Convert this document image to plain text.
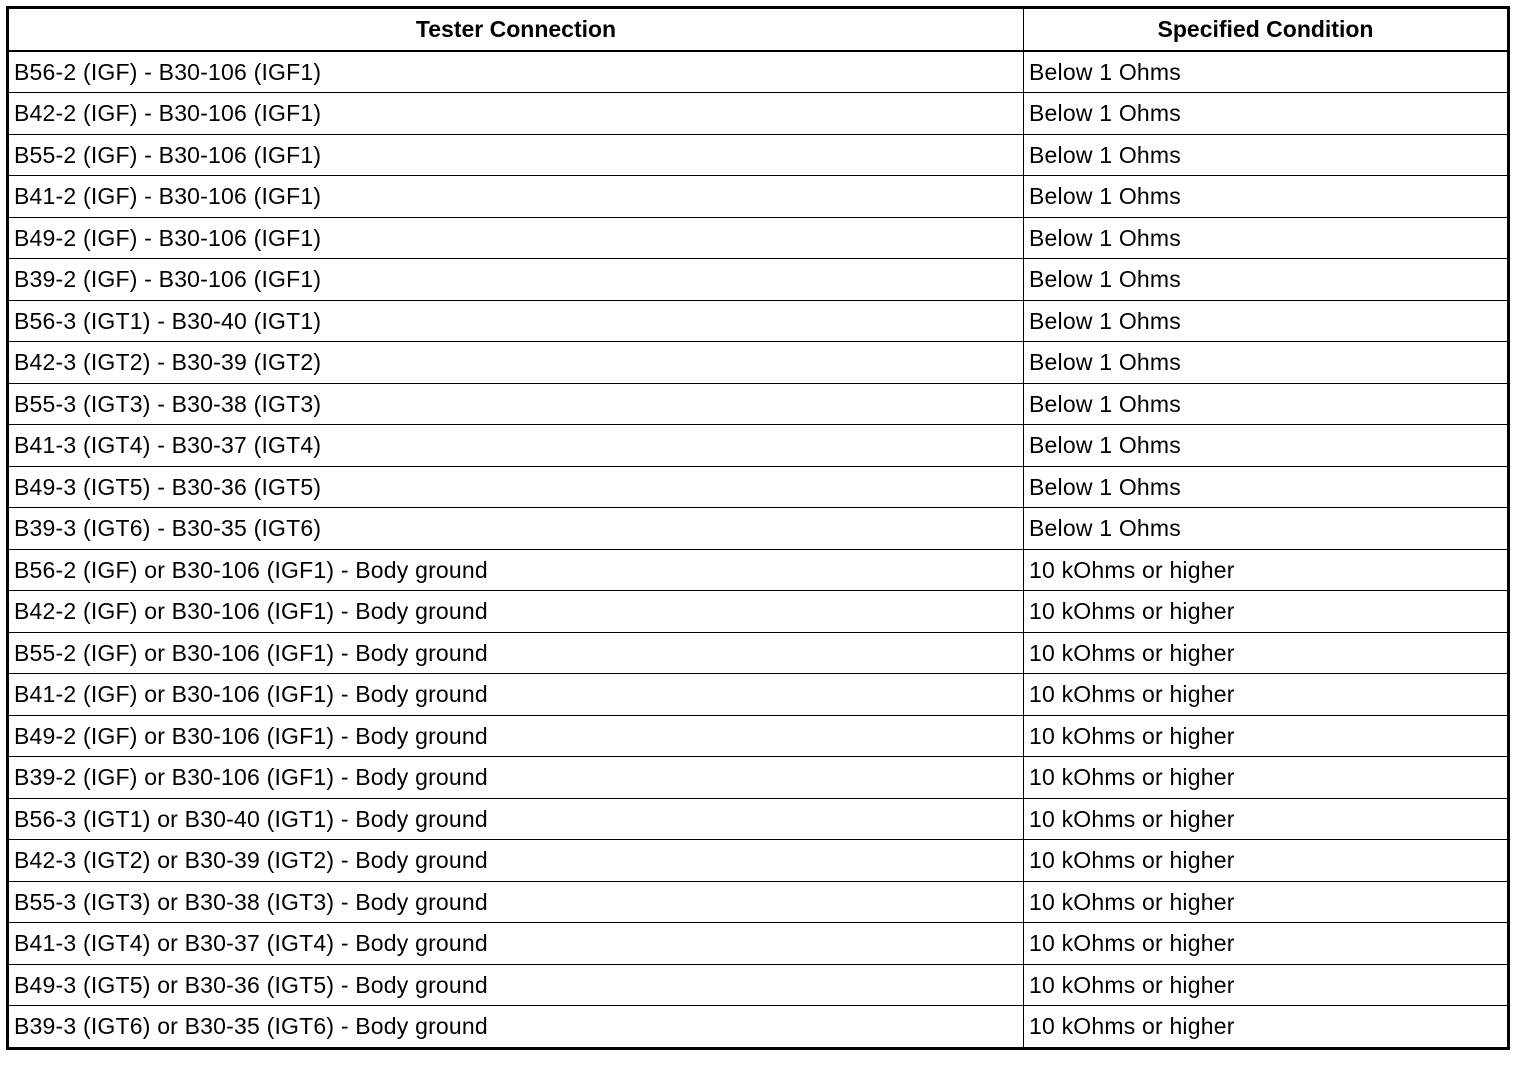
Tester Connection	Specified Condition
B56-2 (IGF) - B30-106 (IGF1)	Below 1 Ohms
B42-2 (IGF) - B30-106 (IGF1)	Below 1 Ohms
B55-2 (IGF) - B30-106 (IGF1)	Below 1 Ohms
B41-2 (IGF) - B30-106 (IGF1)	Below 1 Ohms
B49-2 (IGF) - B30-106 (IGF1)	Below 1 Ohms
B39-2 (IGF) - B30-106 (IGF1)	Below 1 Ohms
B56-3 (IGT1) - B30-40 (IGT1)	Below 1 Ohms
B42-3 (IGT2) - B30-39 (IGT2)	Below 1 Ohms
B55-3 (IGT3) - B30-38 (IGT3)	Below 1 Ohms
B41-3 (IGT4) - B30-37 (IGT4)	Below 1 Ohms
B49-3 (IGT5) - B30-36 (IGT5)	Below 1 Ohms
B39-3 (IGT6) - B30-35 (IGT6)	Below 1 Ohms
B56-2 (IGF) or B30-106 (IGF1) - Body ground	10 kOhms or higher
B42-2 (IGF) or B30-106 (IGF1) - Body ground	10 kOhms or higher
B55-2 (IGF) or B30-106 (IGF1) - Body ground	10 kOhms or higher
B41-2 (IGF) or B30-106 (IGF1) - Body ground	10 kOhms or higher
B49-2 (IGF) or B30-106 (IGF1) - Body ground	10 kOhms or higher
B39-2 (IGF) or B30-106 (IGF1) - Body ground	10 kOhms or higher
B56-3 (IGT1) or B30-40 (IGT1) - Body ground	10 kOhms or higher
B42-3 (IGT2) or B30-39 (IGT2) - Body ground	10 kOhms or higher
B55-3 (IGT3) or B30-38 (IGT3) - Body ground	10 kOhms or higher
B41-3 (IGT4) or B30-37 (IGT4) - Body ground	10 kOhms or higher
B49-3 (IGT5) or B30-36 (IGT5) - Body ground	10 kOhms or higher
B39-3 (IGT6) or B30-35 (IGT6) - Body ground	10 kOhms or higher
